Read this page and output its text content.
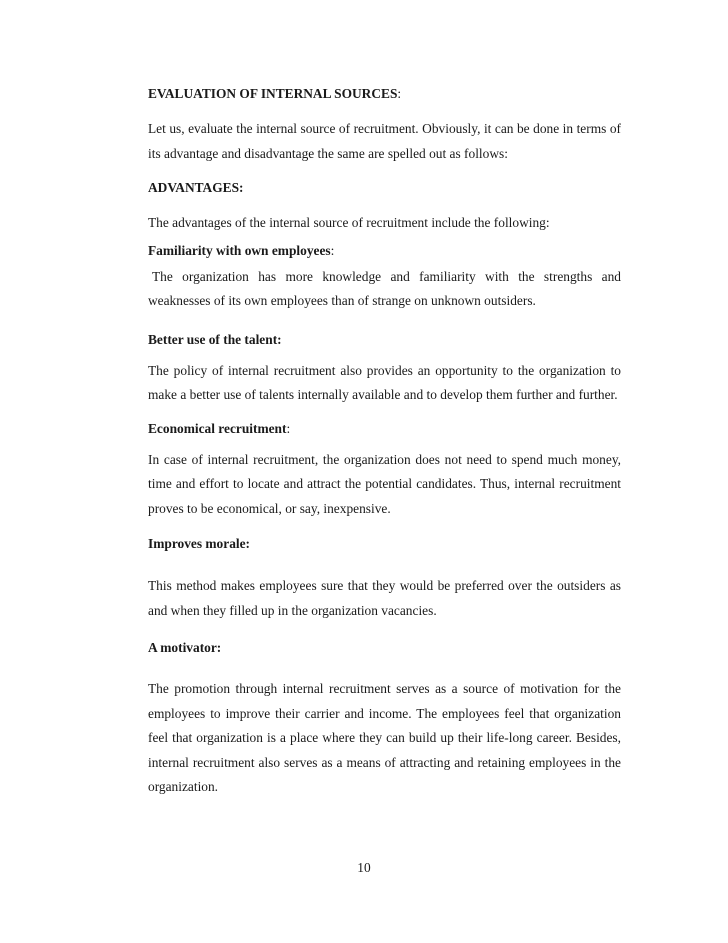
EVALUATION OF INTERNAL SOURCES:

Let us, evaluate the internal source of recruitment. Obviously, it can be done in terms of its advantage and disadvantage the same are spelled out as follows:

ADVANTAGES:

The advantages of the internal source of recruitment include the following:

Familiarity with own employees:

The organization has more knowledge and familiarity with the strengths and weaknesses of its own employees than of strange on unknown outsiders.

Better use of the talent:

The policy of internal recruitment also provides an opportunity to the organization to make a better use of talents internally available and to develop them further and further.

Economical recruitment:

In case of internal recruitment, the organization does not need to spend much money, time and effort to locate and attract the potential candidates. Thus, internal recruitment proves to be economical, or say, inexpensive.

Improves morale:

This method makes employees sure that they would be preferred over the outsiders as and when they filled up in the organization vacancies.

A motivator:

The promotion through internal recruitment serves as a source of motivation for the employees to improve their carrier and income. The employees feel that organization feel that organization is a place where they can build up their life-long career. Besides, internal recruitment also serves as a means of attracting and retaining employees in the organization.

10
